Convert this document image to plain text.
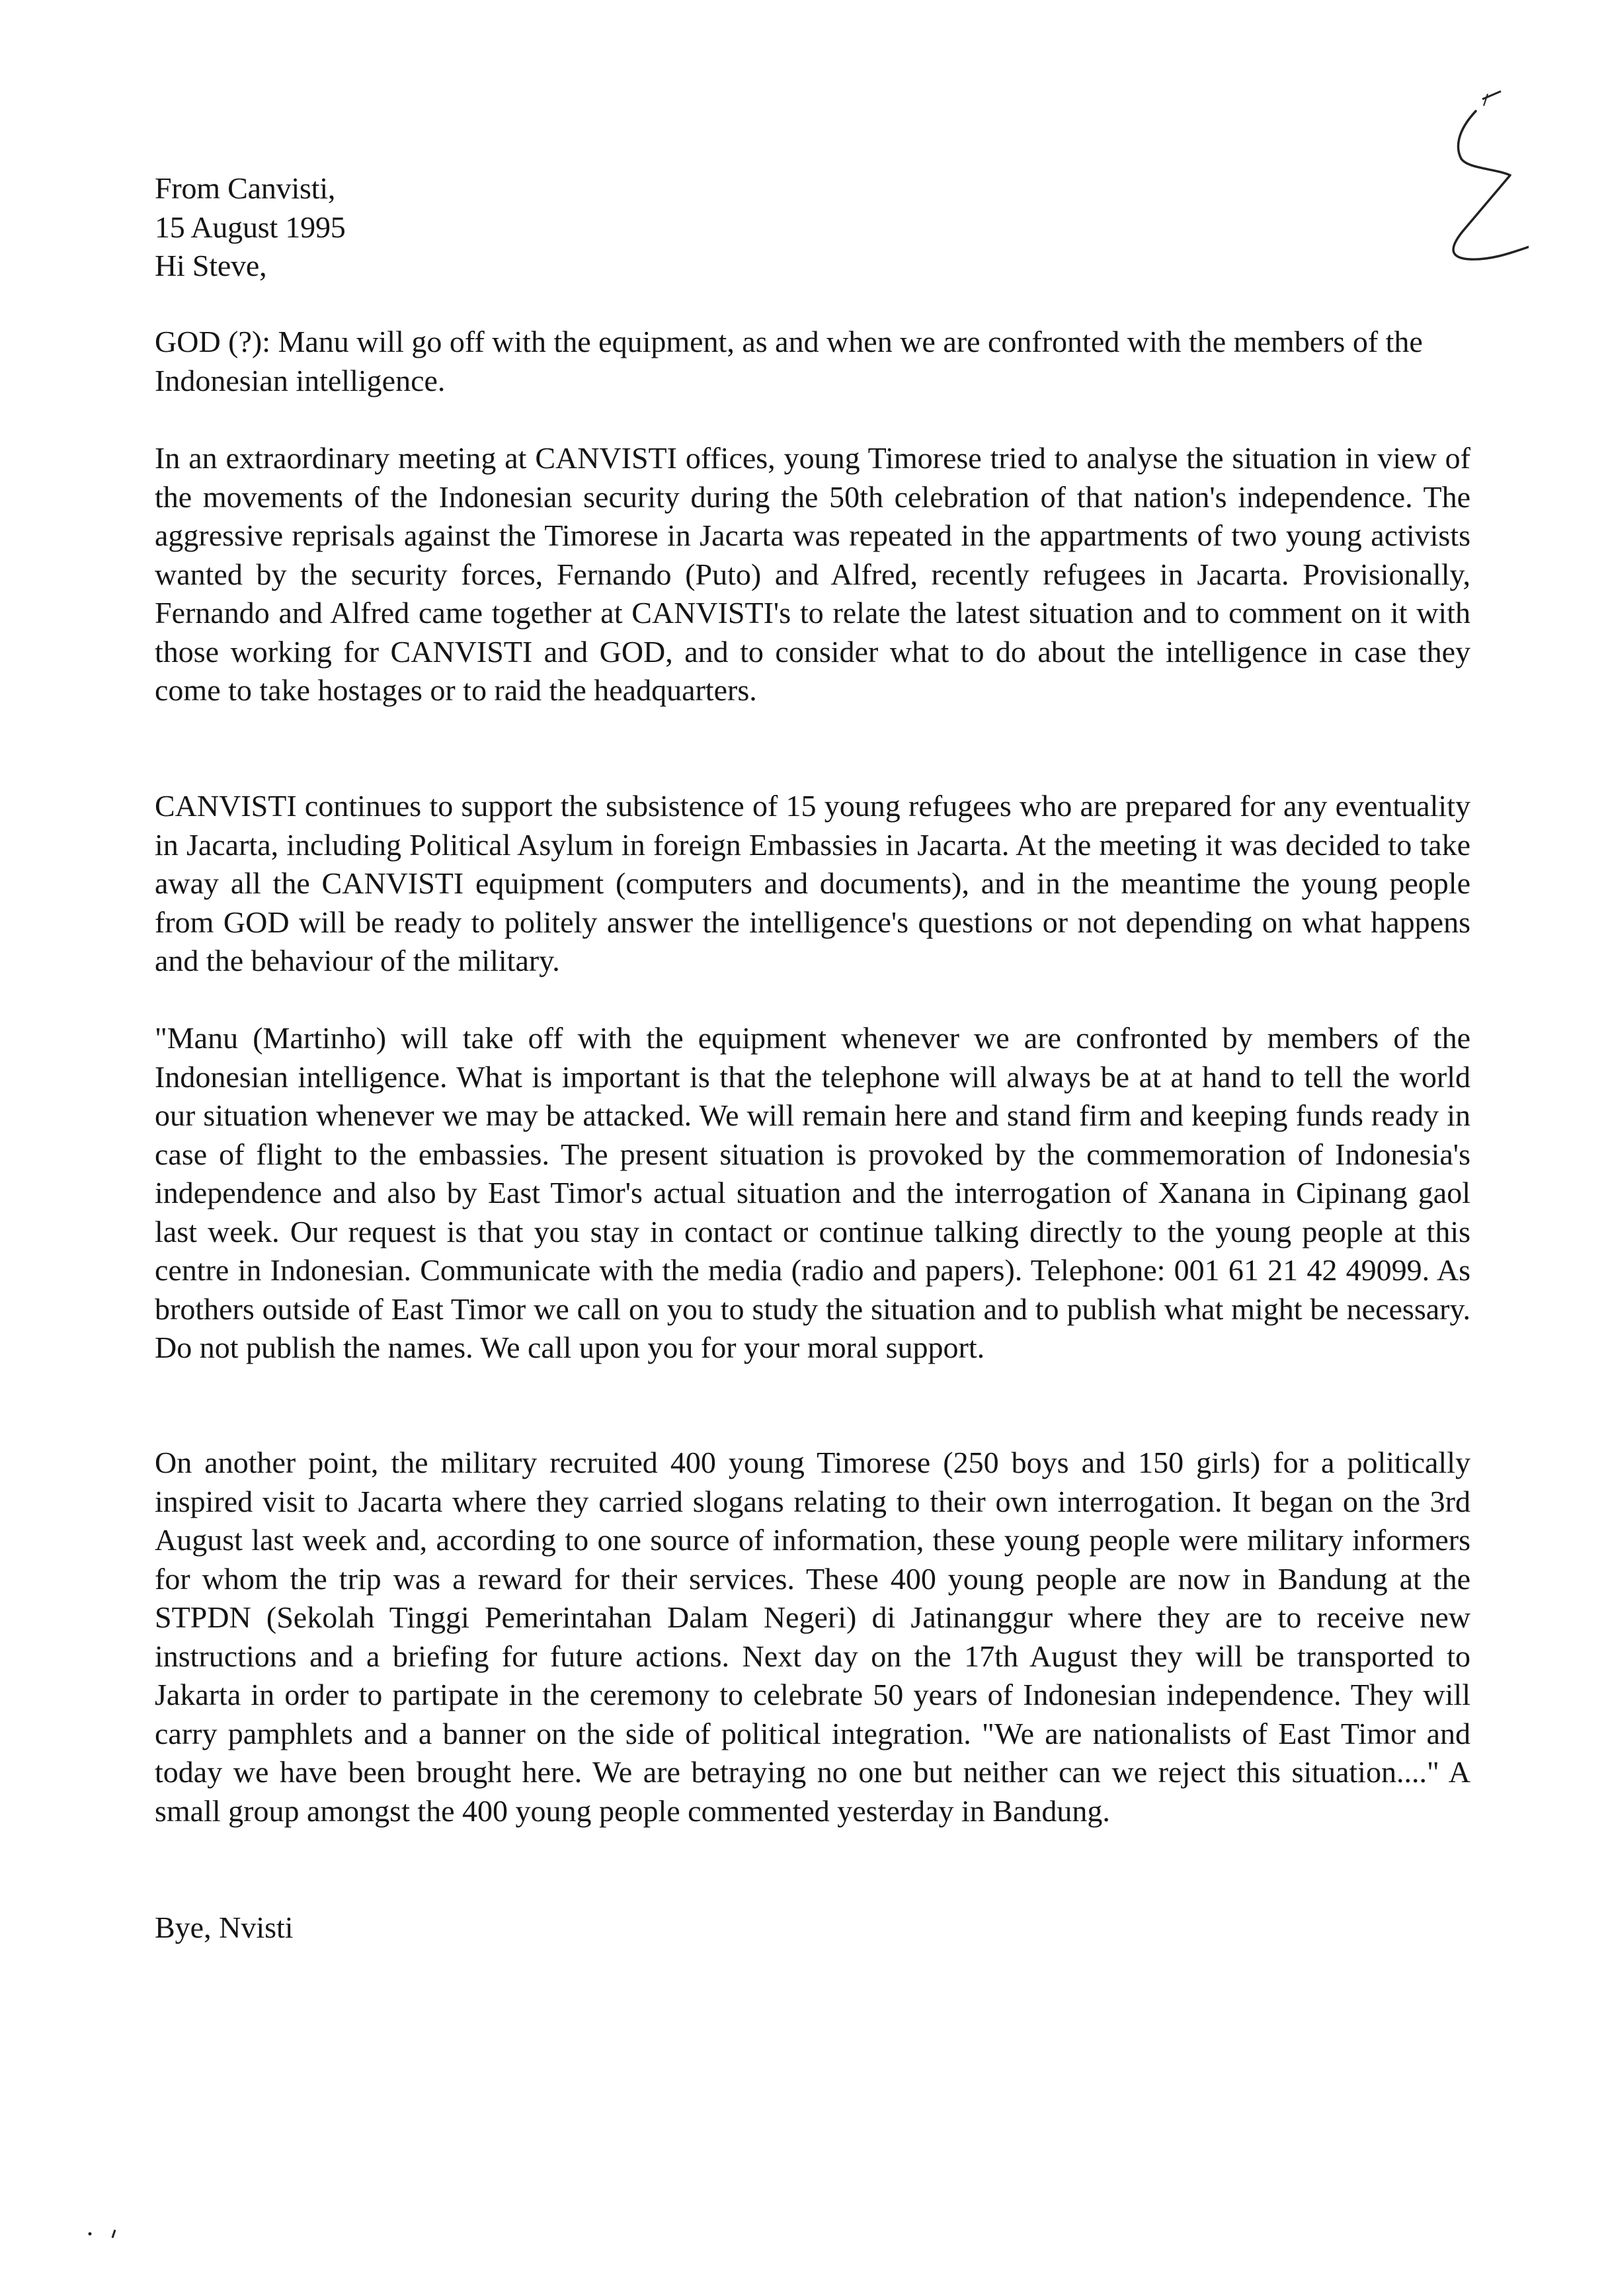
From Canvisti,
15 August 1995
Hi Steve,

GOD (?): Manu will go off with the equipment, as and when we are confronted with the members of the Indonesian intelligence.

In an extraordinary meeting at CANVISTI offices, young Timorese tried to analyse the situation in view of the movements of the Indonesian security during the 50th celebration of that nation's independence. The aggressive reprisals against the Timorese in Jacarta was repeated in the appartments of two young activists wanted by the security forces, Fernando (Puto) and Alfred, recently refugees in Jacarta. Provisionally, Fernando and Alfred came together at CANVISTI's to relate the latest situation and to comment on it with those working for CANVISTI and GOD, and to consider what to do about the intelligence in case they come to take hostages or to raid the headquarters.

CANVISTI continues to support the subsistence of 15 young refugees who are prepared for any eventuality in Jacarta, including Political Asylum in foreign Embassies in Jacarta. At the meeting it was decided to take away all the CANVISTI equipment (computers and documents), and in the meantime the young people from GOD will be ready to politely answer the intelligence's questions or not depending on what happens and the behaviour of the military.

"Manu (Martinho) will take off with the equipment whenever we are confronted by members of the Indonesian intelligence. What is important is that the telephone will always be at at hand to tell the world our situation whenever we may be attacked. We will remain here and stand firm and keeping funds ready in case of flight to the embassies. The present situation is provoked by the commemoration of Indonesia's independence and also by East Timor's actual situation and the interrogation of Xanana in Cipinang gaol last week. Our request is that you stay in contact or continue talking directly to the young people at this centre in Indonesian. Communicate with the media (radio and papers). Telephone: 001 61 21 42 49099. As brothers outside of East Timor we call on you to study the situation and to publish what might be necessary. Do not publish the names. We call upon you for your moral support.

On another point, the military recruited 400 young Timorese (250 boys and 150 girls) for a politically inspired visit to Jacarta where they carried slogans relating to their own interrogation. It began on the 3rd August last week and, according to one source of information, these young people were military informers for whom the trip was a reward for their services. These 400 young people are now in Bandung at the STPDN (Sekolah Tinggi Pemerintahan Dalam Negeri) di Jatinanggur where they are to receive new instructions and a briefing for future actions. Next day on the 17th August they will be transported to Jakarta in order to partipate in the ceremony to celebrate 50 years of Indonesian independence. They will carry pamphlets and a banner on the side of political integration. "We are nationalists of East Timor and today we have been brought here. We are betraying no one but neither can we reject this situation...." A small group amongst the 400 young people commented yesterday in Bandung.

Bye, Nvisti
